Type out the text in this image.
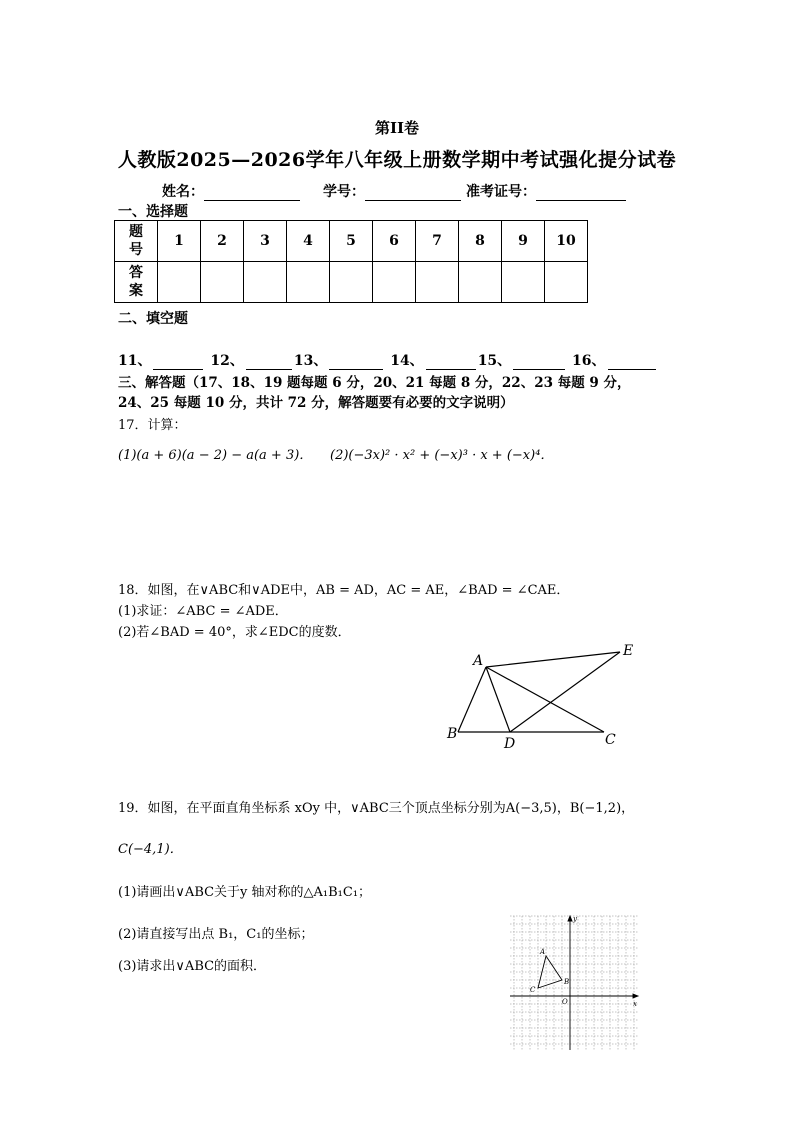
第II卷
人教版2025—2026学年八年级上册数学期中考试强化提分试卷
姓名：	学号：	准考证号：
一、选择题
题
号	1	2	3	4	5	6	7	8	9	10
答
案										
二、填空题
11、	12、	13、	14、	15、	16、
三、解答题（17、18、19 题每题 6 分，20、21 每题 8 分，22、23 每题 9 分，
24、25 每题 10 分，共计 72 分，解答题要有必要的文字说明）
17．计算：
(1)(a + 6)(a − 2) − a(a + 3)． (2)(−3x)² · x² + (−x)³ · x + (−x)⁴．
18．如图，在∨ABC和∨ADE中，AB = AD，AC = AE，∠BAD = ∠CAE．
(1)求证：∠ABC = ∠ADE．
(2)若∠BAD = 40°，求∠EDC的度数．
A
E
B
D	C
19．如图，在平面直角坐标系 xOy 中，∨ABC三个顶点坐标分别为A(−3,5)，B(−1,2)，
C(−4,1)．
(1)请画出∨ABC关于y 轴对称的△A₁B₁C₁；
(2)请直接写出点 B₁，C₁的坐标；
(3)请求出∨ABC的面积．
x
y
O
A
B
C
